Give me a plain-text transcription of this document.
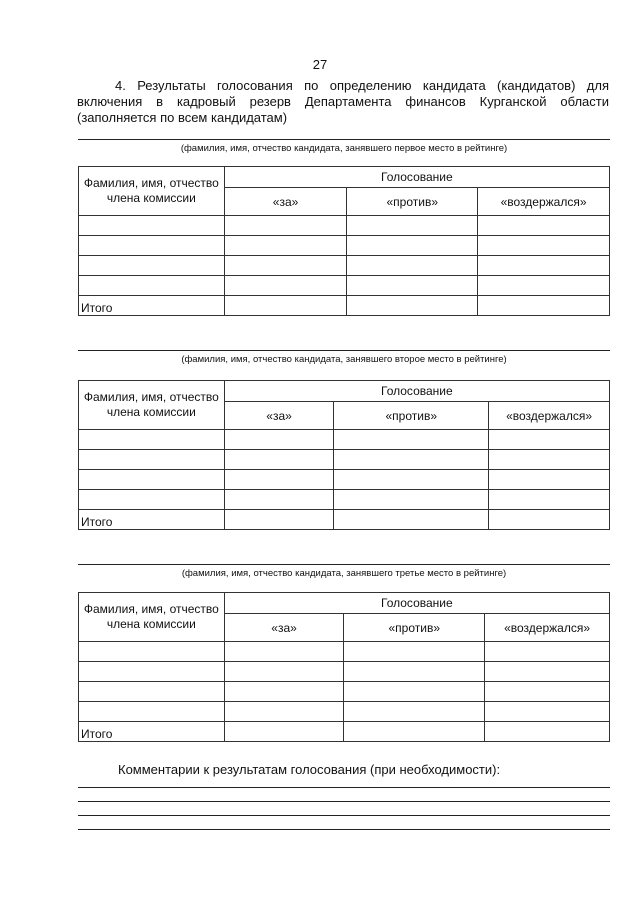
27
4. Результаты голосования по определению кандидата (кандидатов) для включения в кадровый резерв Департамента финансов Курганской области (заполняется по всем кандидатам)
(фамилия, имя, отчество кандидата, занявшего первое место в рейтинге)
Фамилия, имя, отчество члена комиссии	Голосование		
	«за»	«против»	«воздержался»

Итого			
(фамилия, имя, отчество кандидата, занявшего второе место в рейтинге)
Фамилия, имя, отчество члена комиссии	Голосование		
	«за»	«против»	«воздержался»

Итого			
(фамилия, имя, отчество кандидата, занявшего третье место в рейтинге)
Фамилия, имя, отчество члена комиссии	Голосование		
	«за»	«против»	«воздержался»

Итого			
Комментарии к результатам голосования (при необходимости):
